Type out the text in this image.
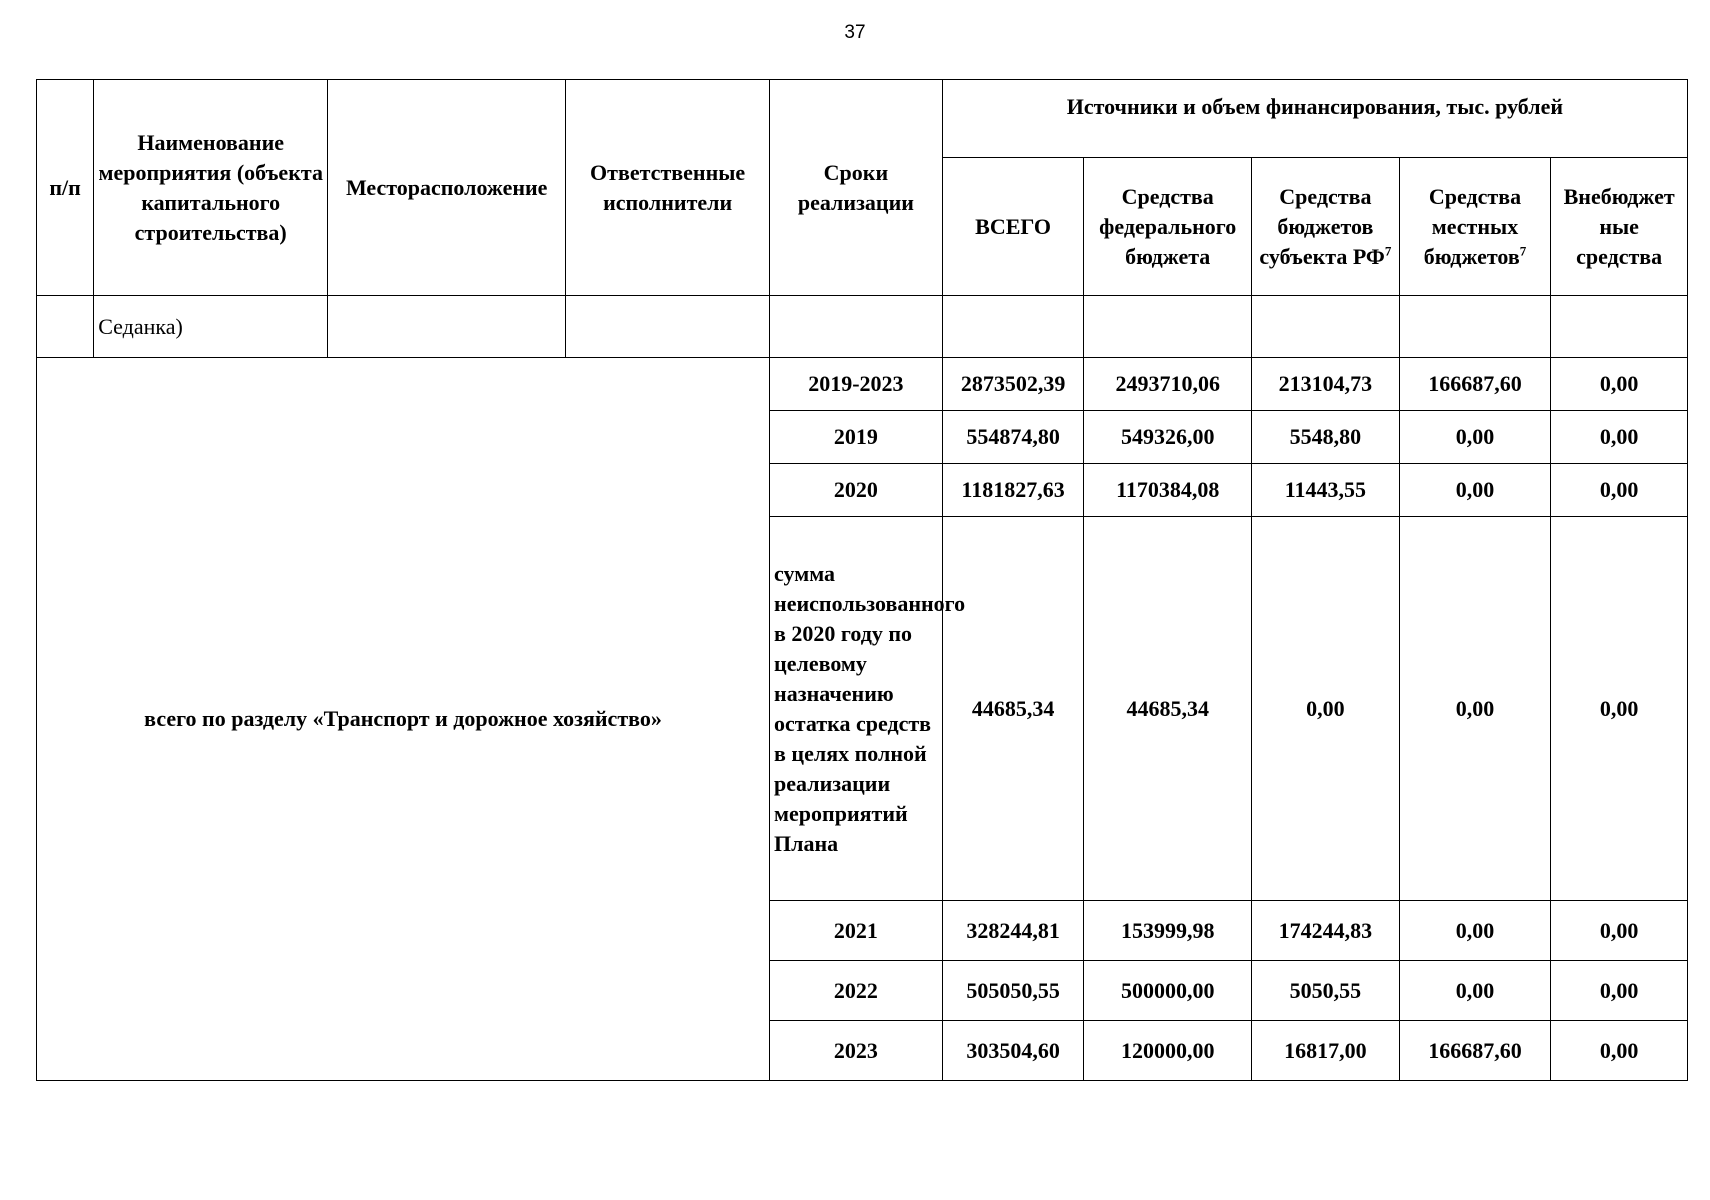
37
п/п	Наименование мероприятия (объекта капитального строительства)	Месторасположение	Ответственные исполнители	Сроки реализации	Источники и объем финансирования, тыс. рублей				
					ВСЕГО	Средства федерального бюджета	Средства бюджетов субъекта $РФ^7$	Средства местных бюджетов$^7$	Внебюджет ные средства
	Седанка)								
всего по разделу «Транспорт и дорожное хозяйство»				2019-2023	2873502,39	2493710,06	213104,73	166687,60	0,00
				2019	554874,80	549326,00	5548,80	0,00	0,00
				2020	1181827,63	1170384,08	11443,55	0,00	0,00
				сумма неиспользованного в 2020 году по целевому назначению остатка средств в целях полной реализации мероприятий Плана	44685,34	44685,34	0,00	0,00	0,00
				2021	328244,81	153999,98	174244,83	0,00	0,00
				2022	505050,55	500000,00	5050,55	0,00	0,00
				2023	303504,60	120000,00	16817,00	166687,60	0,00
